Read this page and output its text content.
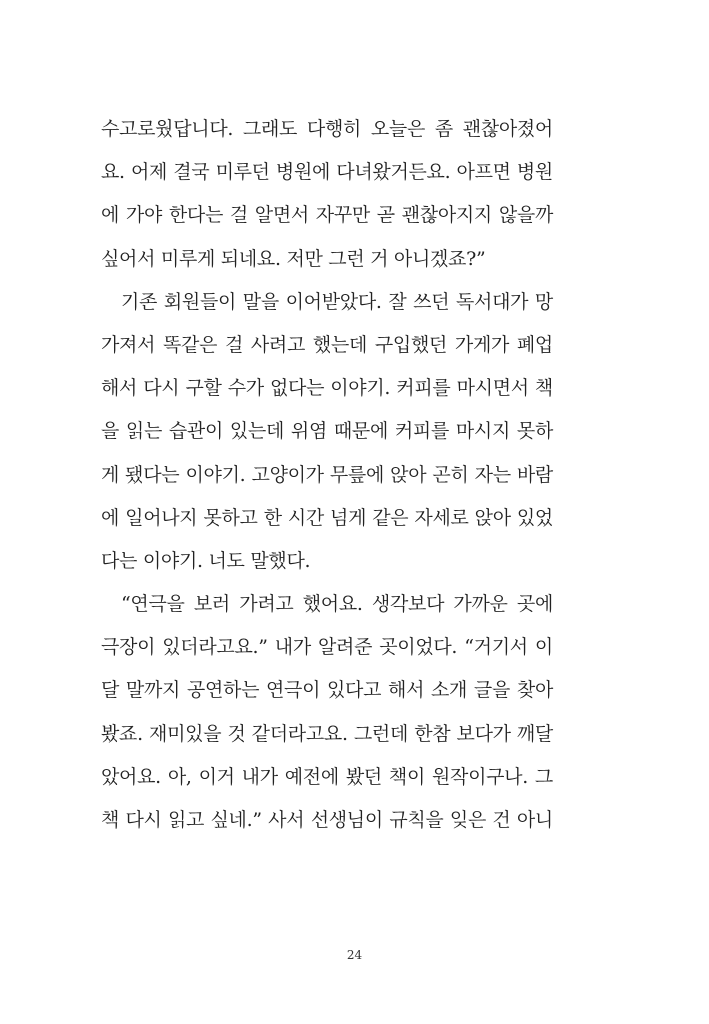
수고로웠답니다. 그래도 다행히 오늘은 좀 괜찮아졌어
요. 어제 결국 미루던 병원에 다녀왔거든요. 아프면 병원
에 가야 한다는 걸 알면서 자꾸만 곧 괜찮아지지 않을까
싶어서 미루게 되네요. 저만 그런 거 아니겠죠?”
기존 회원들이 말을 이어받았다. 잘 쓰던 독서대가 망
가져서 똑같은 걸 사려고 했는데 구입했던 가게가 폐업
해서 다시 구할 수가 없다는 이야기. 커피를 마시면서 책
을 읽는 습관이 있는데 위염 때문에 커피를 마시지 못하
게 됐다는 이야기. 고양이가 무릎에 앉아 곤히 자는 바람
에 일어나지 못하고 한 시간 넘게 같은 자세로 앉아 있었
다는 이야기. 너도 말했다.
“연극을 보러 가려고 했어요. 생각보다 가까운 곳에
극장이 있더라고요.” 내가 알려준 곳이었다. “거기서 이
달 말까지 공연하는 연극이 있다고 해서 소개 글을 찾아
봤죠. 재미있을 것 같더라고요. 그런데 한참 보다가 깨달
았어요. 아, 이거 내가 예전에 봤던 책이 원작이구나. 그
책 다시 읽고 싶네.” 사서 선생님이 규칙을 잊은 건 아니
24
